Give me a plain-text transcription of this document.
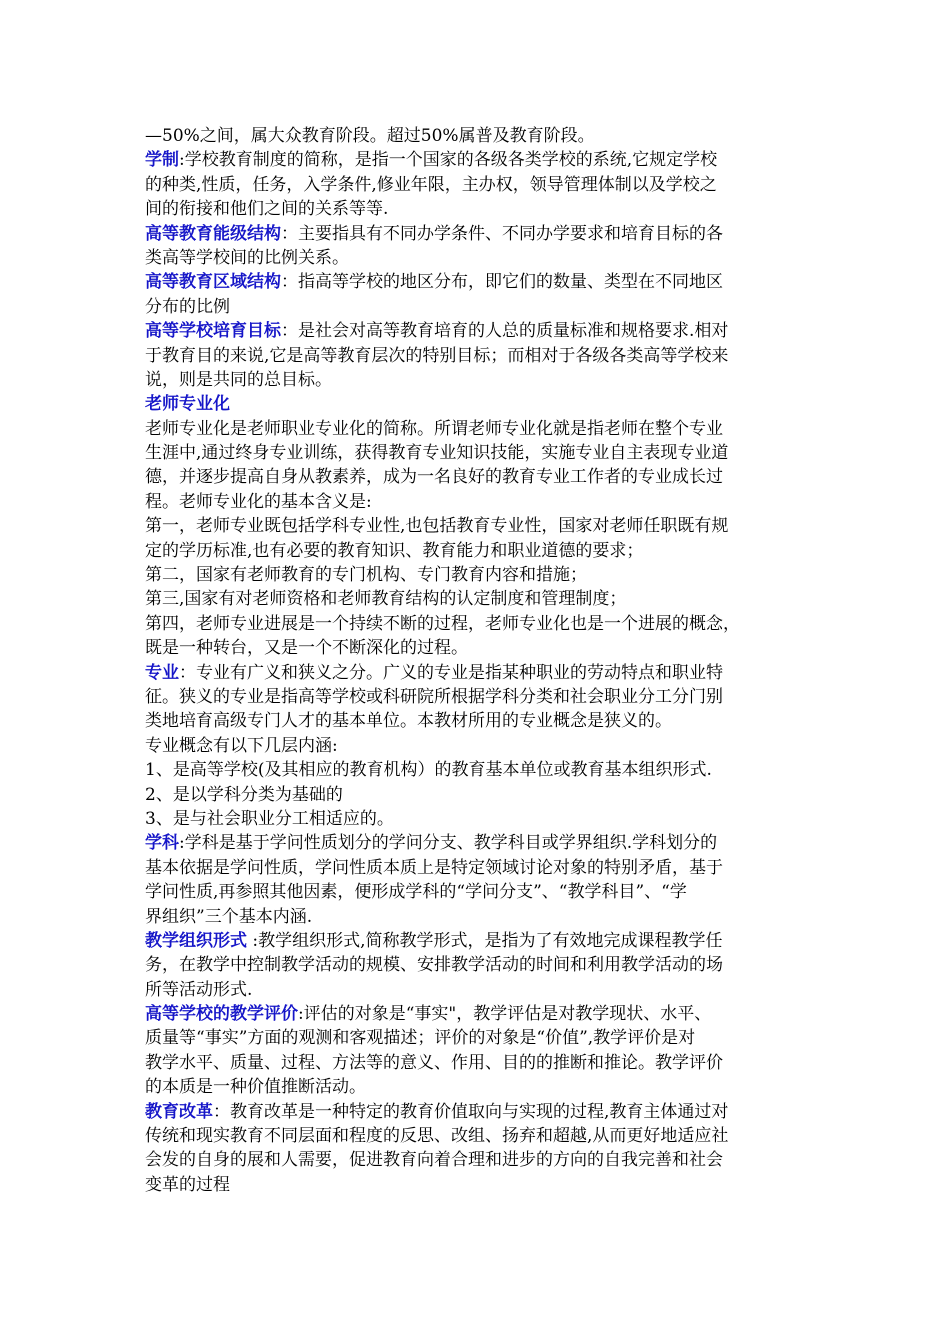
—50%之间，属大众教育阶段。超过50%属普及教育阶段。
学制:学校教育制度的简称，是指一个国家的各级各类学校的系统,它规定学校
的种类,性质，任务，入学条件,修业年限，主办权，领导管理体制以及学校之
间的衔接和他们之间的关系等等.
高等教育能级结构：主要指具有不同办学条件、不同办学要求和培育目标的各
类高等学校间的比例关系。
高等教育区域结构：指高等学校的地区分布，即它们的数量、类型在不同地区
分布的比例
高等学校培育目标：是社会对高等教育培育的人总的质量标准和规格要求.相对
于教育目的来说,它是高等教育层次的特别目标；而相对于各级各类高等学校来
说，则是共同的总目标。
老师专业化
老师专业化是老师职业专业化的简称。所谓老师专业化就是指老师在整个专业
生涯中,通过终身专业训练，获得教育专业知识技能，实施专业自主表现专业道
德，并逐步提高自身从教素养，成为一名良好的教育专业工作者的专业成长过
程。老师专业化的基本含义是:
第一，老师专业既包括学科专业性,也包括教育专业性，国家对老师任职既有规
定的学历标准,也有必要的教育知识、教育能力和职业道德的要求；
第二，国家有老师教育的专门机构、专门教育内容和措施；
第三,国家有对老师资格和老师教育结构的认定制度和管理制度；
第四，老师专业进展是一个持续不断的过程，老师专业化也是一个进展的概念，
既是一种转台，又是一个不断深化的过程。
专业：专业有广义和狭义之分。广义的专业是指某种职业的劳动特点和职业特
征。狭义的专业是指高等学校或科研院所根据学科分类和社会职业分工分门别
类地培育高级专门人才的基本单位。本教材所用的专业概念是狭义的。
专业概念有以下几层内涵:
1、是高等学校(及其相应的教育机构）的教育基本单位或教育基本组织形式.
2、是以学科分类为基础的
3、是与社会职业分工相适应的。
学科:学科是基于学问性质划分的学问分支、教学科目或学界组织.学科划分的
基本依据是学问性质，学问性质本质上是特定领域讨论对象的特别矛盾，基于
学问性质,再参照其他因素，便形成学科的“学问分支”、“教学科目”、“学
界组织”三个基本内涵.
教学组织形式 :教学组织形式,简称教学形式，是指为了有效地完成课程教学任
务，在教学中控制教学活动的规模、安排教学活动的时间和利用教学活动的场
所等活动形式.
高等学校的教学评价:评估的对象是“事实"，教学评估是对教学现状、水平、
质量等“事实”方面的观测和客观描述；评价的对象是“价值”,教学评价是对
教学水平、质量、过程、方法等的意义、作用、目的的推断和推论。教学评价
的本质是一种价值推断活动。
教育改革：教育改革是一种特定的教育价值取向与实现的过程,教育主体通过对
传统和现实教育不同层面和程度的反思、改组、扬弃和超越,从而更好地适应社
会发的自身的展和人需要，促进教育向着合理和进步的方向的自我完善和社会
变革的过程
